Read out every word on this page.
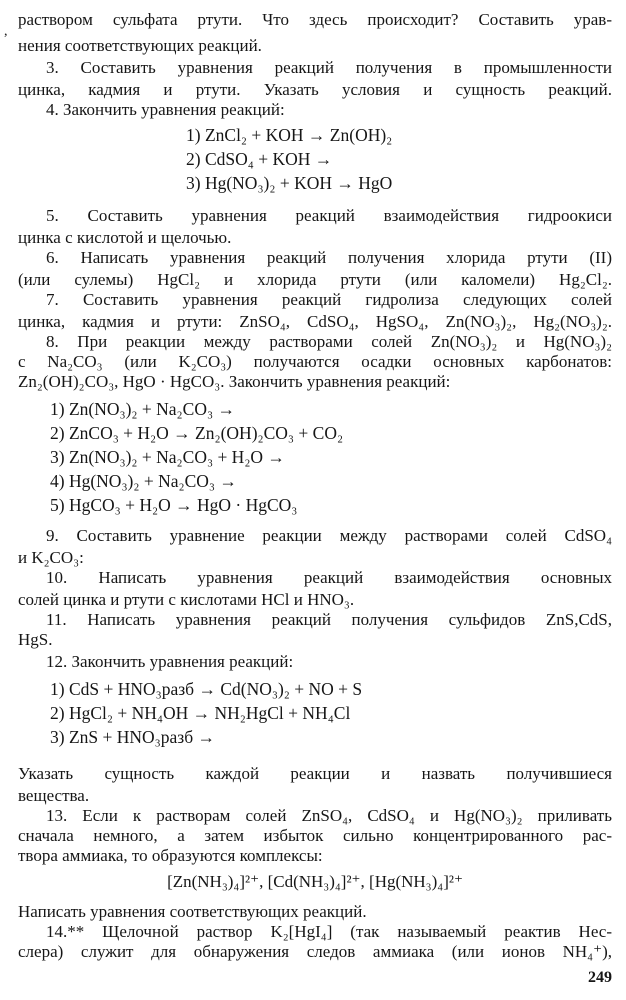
,
раствором сульфата ртути. Что здесь происходит? Составить урав-
нения соответствующих реакций.
3. Составить уравнения реакций получения в промышленности
цинка, кадмия и ртути. Указать условия и сущность реакций.
4. Закончить уравнения реакций:
1) ZnCl₂ + KOH → Zn(OH)₂
2) CdSO₄ + KOH →
3) Hg(NO₃)₂ + KOH → HgO
5. Составить уравнения реакций взаимодействия гидроокиси
цинка с кислотой и щелочью.
6. Написать уравнения реакций получения хлорида ртути (II)
(или сулемы) HgCl₂ и хлорида ртути (или каломели) Hg₂Cl₂.
7. Составить уравнения реакций гидролиза следующих солей
цинка, кадмия и ртути: ZnSO₄, CdSO₄, HgSO₄, Zn(NO₃)₂, Hg₂(NO₃)₂.
8. При реакции между растворами солей Zn(NO₃)₂ и Hg(NO₃)₂
с Na₂CO₃ (или K₂CO₃) получаются осадки основных карбонатов:
Zn₂(OH)₂CO₃, HgO · HgCO₃. Закончить уравнения реакций:
1) Zn(NO₃)₂ + Na₂CO₃ →
2) ZnCO₃ + H₂O → Zn₂(OH)₂CO₃ + CO₂
3) Zn(NO₃)₂ + Na₂CO₃ + H₂O →
4) Hg(NO₃)₂ + Na₂CO₃ →
5) HgCO₃ + H₂O → HgO · HgCO₃
9. Составить уравнение реакции между растворами солей CdSO₄
и K₂CO₃:
10. Написать уравнения реакций взаимодействия основных
солей цинка и ртути с кислотами HCl и HNO₃.
11. Написать уравнения реакций получения сульфидов ZnS,CdS,
HgS.
12. Закончить уравнения реакций:
1) CdS + HNO₃разб → Cd(NO₃)₂ + NO + S
2) HgCl₂ + NH₄OH → NH₂HgCl + NH₄Cl
3) ZnS + HNO₃разб →
Указать сущность каждой реакции и назвать получившиеся
вещества.
13. Если к растворам солей ZnSO₄, CdSO₄ и Hg(NO₃)₂ приливать
сначала немного, а затем избыток сильно концентрированного рас-
твора аммиака, то образуются комплексы:
[Zn(NH₃)₄]²⁺, [Cd(NH₃)₄]²⁺, [Hg(NH₃)₄]²⁺
Написать уравнения соответствующих реакций.
14.** Щелочной раствор K₂[HgI₄] (так называемый реактив Нес-
слера) служит для обнаружения следов аммиака (или ионов NH₄⁺),
249
